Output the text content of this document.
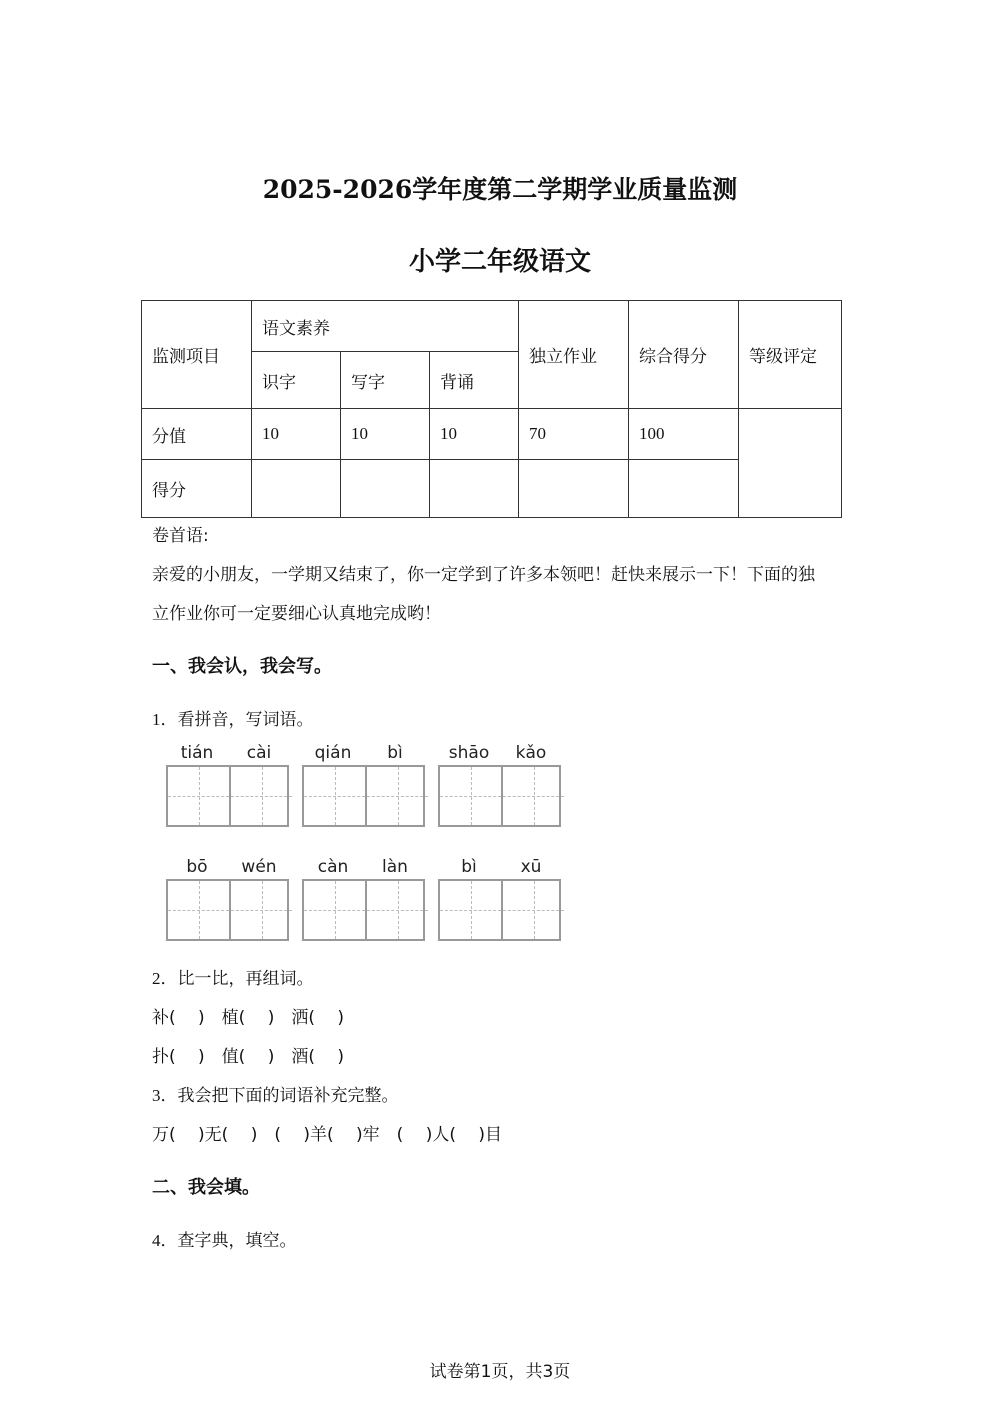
2025-2026学年度第二学期学业质量监测
小学二年级语文
监测项目	语文素养			独立作业	综合得分	等级评定
	识字	写字	背诵			
分值	10	10	10	70	100	
得分						
卷首语:
亲爱的小朋友，一学期又结束了，你一定学到了许多本领吧！赶快来展示一下！下面的独
立作业你可一定要细心认真地完成哟！
一、我会认，我会写。
1．看拼音，写词语。
tián	cài	qián	bì	shāo	kǎo
bō	wén	càn	làn	bì	xū
2．比一比，再组词。
补(　 )　植(　 )　洒(　 )
扑(　 )　值(　 )　酒(　 )
3．我会把下面的词语补充完整。
万(　 )无(　 )　(　 )羊(　 )牢　(　 )人(　 )目
二、我会填。
4．查字典，填空。
试卷第1页，共3页
